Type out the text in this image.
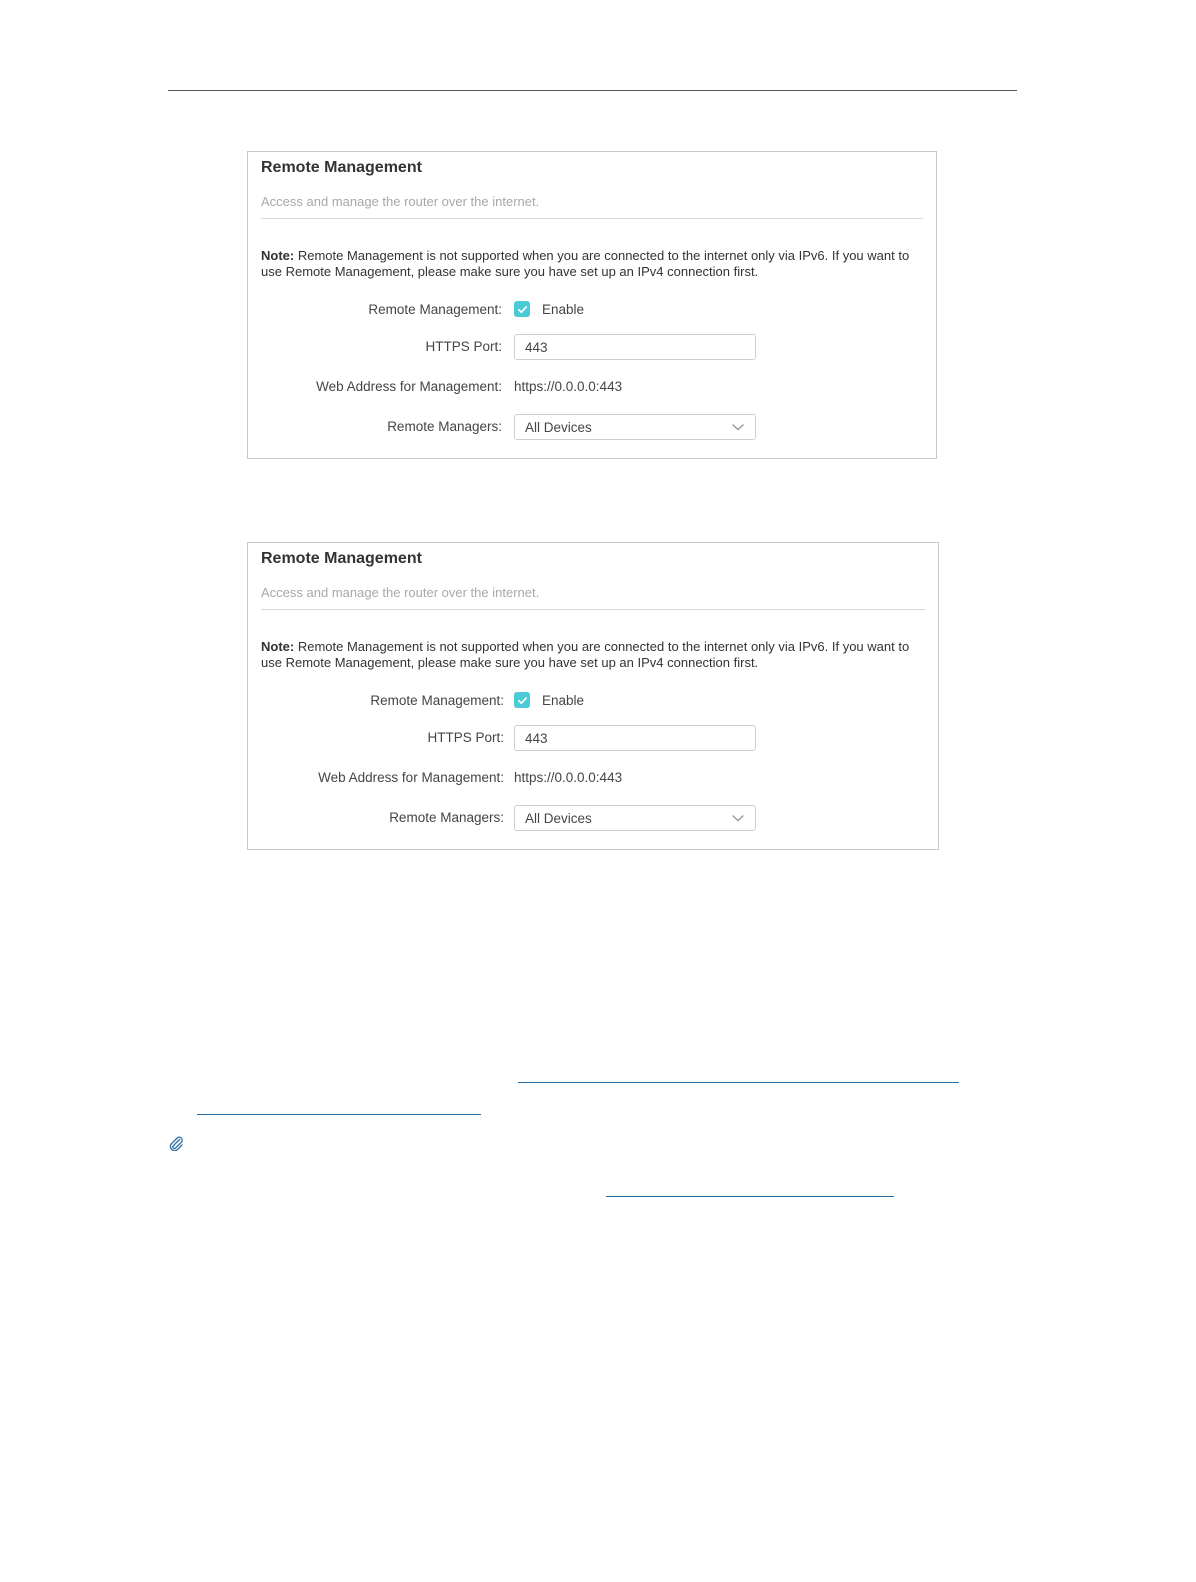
Remote Management
Access and manage the router over the internet.
Note: Remote Management is not supported when you are connected to the internet only via IPv6. If you want to use Remote Management, please make sure you have set up an IPv4 connection first.
Remote Management:	Enable
HTTPS Port:	443
Web Address for Management: https://0.0.0.0:443
Remote Managers:	All Devices
Remote Management
Access and manage the router over the internet.
Note: Remote Management is not supported when you are connected to the internet only via IPv6. If you want to use Remote Management, please make sure you have set up an IPv4 connection first.
Remote Management:	Enable
HTTPS Port:	443
Web Address for Management: https://0.0.0.0:443
Remote Managers:	All Devices
